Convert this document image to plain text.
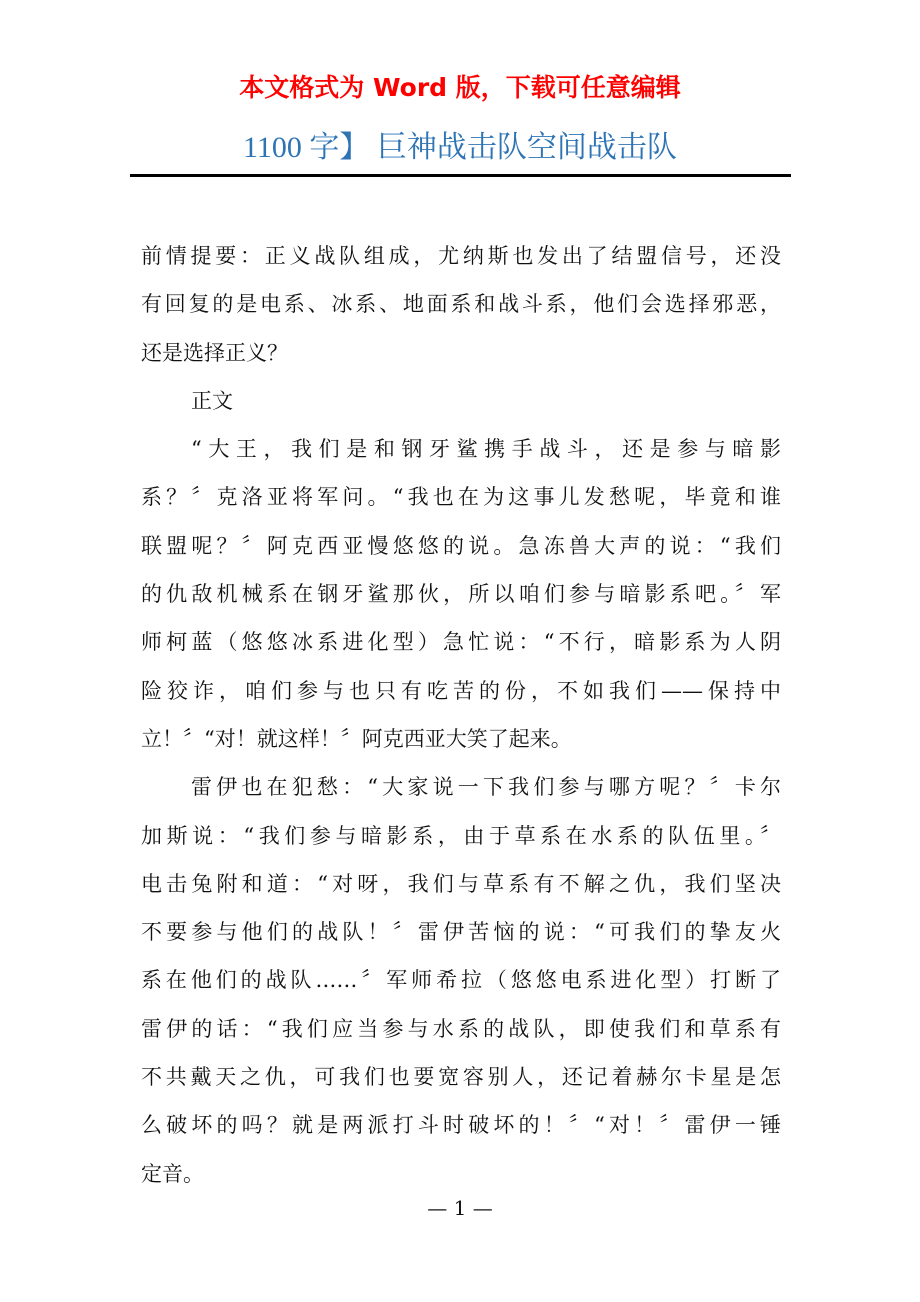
本文格式为 Word 版，下载可任意编辑
1100 字】 巨神战击队空间战击队
前情提要：正义战队组成，尤纳斯也发出了结盟信号，还没
有回复的是电系、冰系、地面系和战斗系，他们会选择邪恶，
还是选择正义？
正文
“大王，我们是和钢牙鲨携手战斗，还是参与暗影
系？〞克洛亚将军问。“我也在为这事儿发愁呢，毕竟和谁
联盟呢？〞阿克西亚慢悠悠的说。急冻兽大声的说：“我们
的仇敌机械系在钢牙鲨那伙，所以咱们参与暗影系吧。〞军
师柯蓝（悠悠冰系进化型）急忙说：“不行，暗影系为人阴
险狡诈，咱们参与也只有吃苦的份，不如我们——保持中
立！〞“对！就这样！〞阿克西亚大笑了起来。
雷伊也在犯愁：“大家说一下我们参与哪方呢？〞卡尔
加斯说：“我们参与暗影系，由于草系在水系的队伍里。〞
电击兔附和道：“对呀，我们与草系有不解之仇，我们坚决
不要参与他们的战队！〞雷伊苦恼的说：“可我们的挚友火
系在他们的战队……〞军师希拉（悠悠电系进化型）打断了
雷伊的话：“我们应当参与水系的战队，即使我们和草系有
不共戴天之仇，可我们也要宽容别人，还记着赫尔卡星是怎
么破坏的吗？就是两派打斗时破坏的！〞“对！〞雷伊一锤
定音。
— 1 —
